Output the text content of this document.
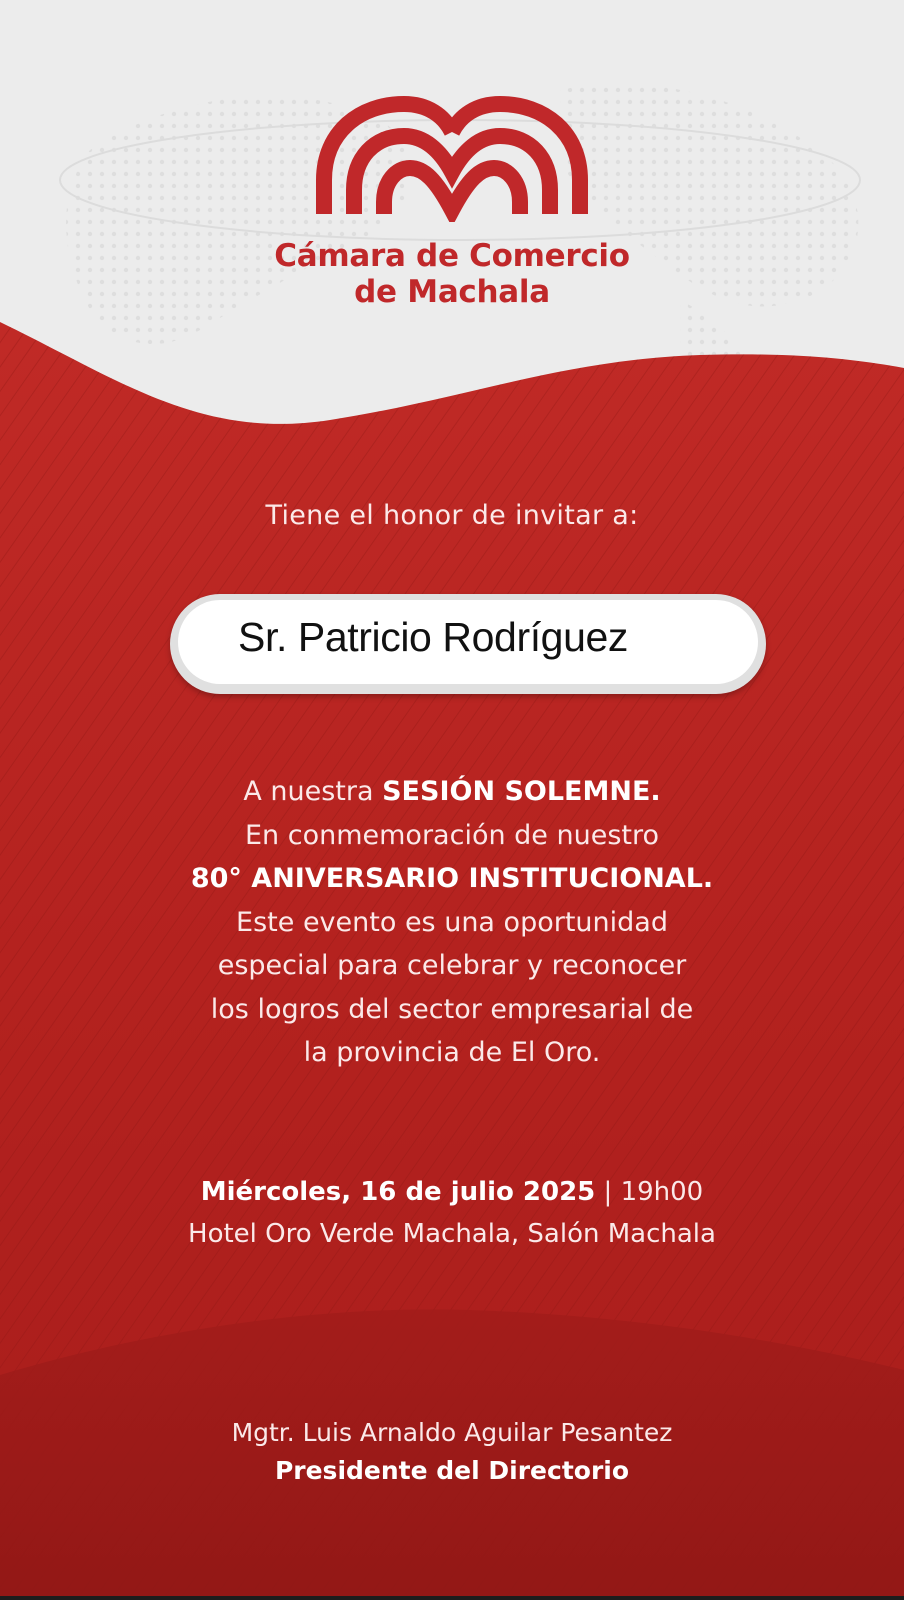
Cámara de Comercio
de Machala
Tiene el honor de invitar a:
Sr. Patricio Rodríguez
A nuestra SESIÓN SOLEMNE.
En conmemoración de nuestro
80° ANIVERSARIO INSTITUCIONAL.
Este evento es una oportunidad
especial para celebrar y reconocer
los logros del sector empresarial de
la provincia de El Oro.
Miércoles, 16 de julio 2025 | 19h00
Hotel Oro Verde Machala, Salón Machala
Mgtr. Luis Arnaldo Aguilar Pesantez
Presidente del Directorio
